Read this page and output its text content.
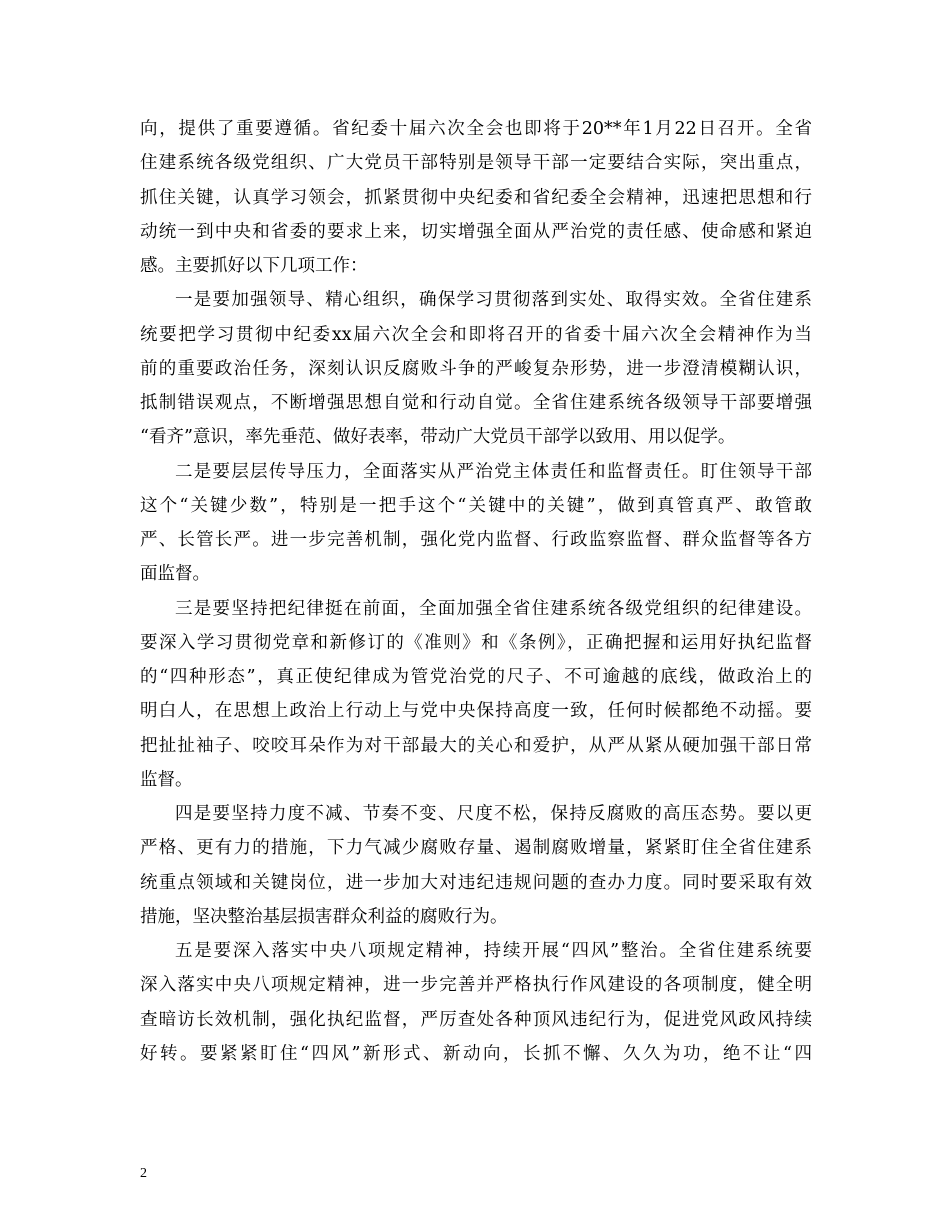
向，提供了重要遵循。省纪委十届六次全会也即将于20**年1月22日召开。全省
住建系统各级党组织、广大党员干部特别是领导干部一定要结合实际，突出重点，
抓住关键，认真学习领会，抓紧贯彻中央纪委和省纪委全会精神，迅速把思想和行
动统一到中央和省委的要求上来，切实增强全面从严治党的责任感、使命感和紧迫
感。主要抓好以下几项工作：
一是要加强领导、精心组织，确保学习贯彻落到实处、取得实效。全省住建系
统要把学习贯彻中纪委xx届六次全会和即将召开的省委十届六次全会精神作为当
前的重要政治任务，深刻认识反腐败斗争的严峻复杂形势，进一步澄清模糊认识，
抵制错误观点，不断增强思想自觉和行动自觉。全省住建系统各级领导干部要增强
“看齐”意识，率先垂范、做好表率，带动广大党员干部学以致用、用以促学。
二是要层层传导压力，全面落实从严治党主体责任和监督责任。盯住领导干部
这个“关键少数”，特别是一把手这个“关键中的关键”，做到真管真严、敢管敢
严、长管长严。进一步完善机制，强化党内监督、行政监察监督、群众监督等各方
面监督。
三是要坚持把纪律挺在前面，全面加强全省住建系统各级党组织的纪律建设。
要深入学习贯彻党章和新修订的《准则》和《条例》，正确把握和运用好执纪监督
的“四种形态”，真正使纪律成为管党治党的尺子、不可逾越的底线，做政治上的
明白人，在思想上政治上行动上与党中央保持高度一致，任何时候都绝不动摇。要
把扯扯袖子、咬咬耳朵作为对干部最大的关心和爱护，从严从紧从硬加强干部日常
监督。
四是要坚持力度不减、节奏不变、尺度不松，保持反腐败的高压态势。要以更
严格、更有力的措施，下力气减少腐败存量、遏制腐败增量，紧紧盯住全省住建系
统重点领域和关键岗位，进一步加大对违纪违规问题的查办力度。同时要采取有效
措施，坚决整治基层损害群众利益的腐败行为。
五是要深入落实中央八项规定精神，持续开展“四风”整治。全省住建系统要
深入落实中央八项规定精神，进一步完善并严格执行作风建设的各项制度，健全明
查暗访长效机制，强化执纪监督，严厉查处各种顶风违纪行为，促进党风政风持续
好转。要紧紧盯住“四风”新形式、新动向，长抓不懈、久久为功，绝不让“四
2
